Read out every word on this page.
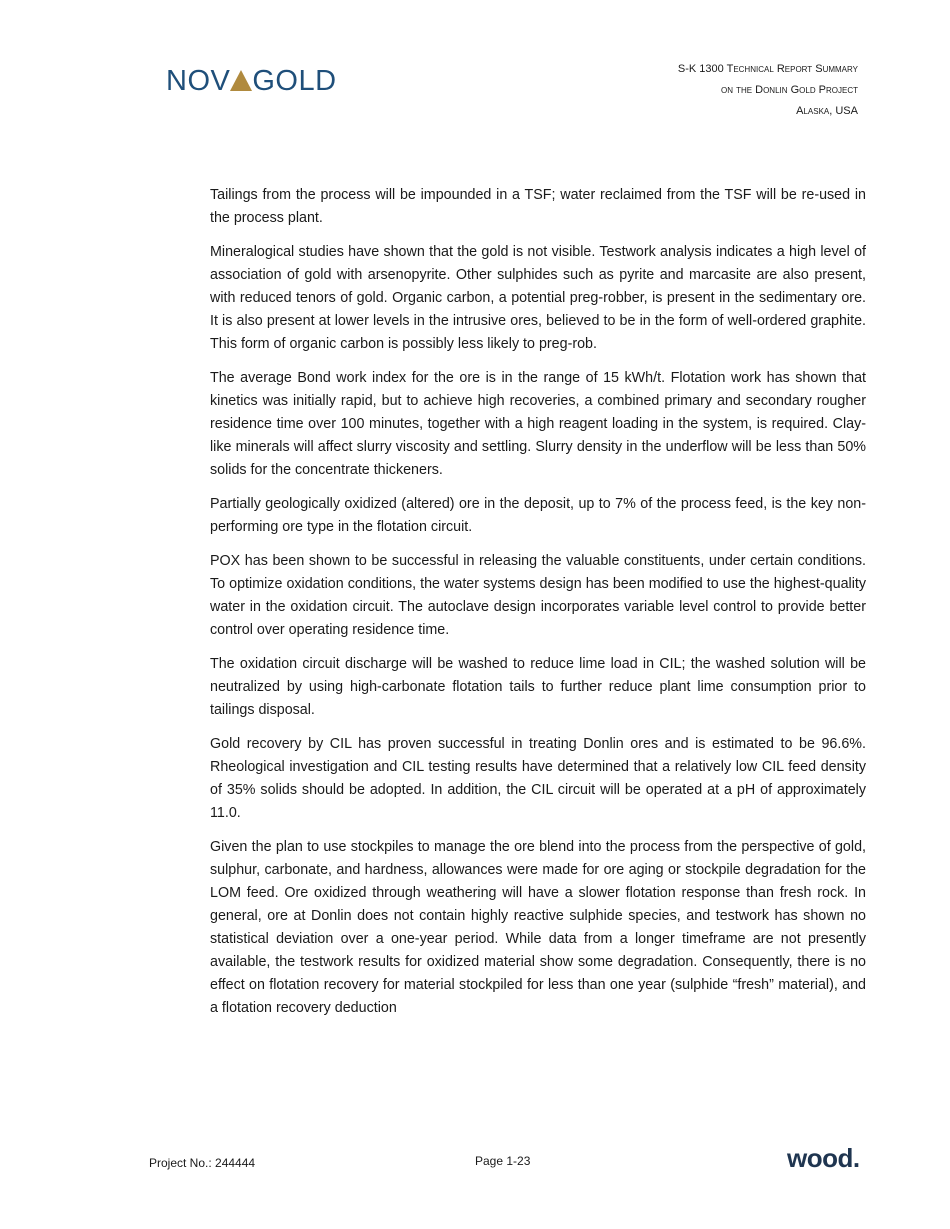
NOV GOLD	S-K 1300 Technical Report Summary
on the Donlin Gold Project
Alaska, USA

Tailings from the process will be impounded in a TSF; water reclaimed from the TSF will be re-used in the process plant.

Mineralogical studies have shown that the gold is not visible. Testwork analysis indicates a high level of association of gold with arsenopyrite. Other sulphides such as pyrite and marcasite are also present, with reduced tenors of gold. Organic carbon, a potential preg-robber, is present in the sedimentary ore. It is also present at lower levels in the intrusive ores, believed to be in the form of well-ordered graphite. This form of organic carbon is possibly less likely to preg-rob.

The average Bond work index for the ore is in the range of 15 kWh/t. Flotation work has shown that kinetics was initially rapid, but to achieve high recoveries, a combined primary and secondary rougher residence time over 100 minutes, together with a high reagent loading in the system, is required. Clay-like minerals will affect slurry viscosity and settling. Slurry density in the underflow will be less than 50% solids for the concentrate thickeners.

Partially geologically oxidized (altered) ore in the deposit, up to 7% of the process feed, is the key non-performing ore type in the flotation circuit.

POX has been shown to be successful in releasing the valuable constituents, under certain conditions. To optimize oxidation conditions, the water systems design has been modified to use the highest-quality water in the oxidation circuit. The autoclave design incorporates variable level control to provide better control over operating residence time.

The oxidation circuit discharge will be washed to reduce lime load in CIL; the washed solution will be neutralized by using high-carbonate flotation tails to further reduce plant lime consumption prior to tailings disposal.

Gold recovery by CIL has proven successful in treating Donlin ores and is estimated to be 96.6%. Rheological investigation and CIL testing results have determined that a relatively low CIL feed density of 35% solids should be adopted. In addition, the CIL circuit will be operated at a pH of approximately 11.0.

Given the plan to use stockpiles to manage the ore blend into the process from the perspective of gold, sulphur, carbonate, and hardness, allowances were made for ore aging or stockpile degradation for the LOM feed. Ore oxidized through weathering will have a slower flotation response than fresh rock. In general, ore at Donlin does not contain highly reactive sulphide species, and testwork has shown no statistical deviation over a one-year period. While data from a longer timeframe are not presently available, the testwork results for oxidized material show some degradation. Consequently, there is no effect on flotation recovery for material stockpiled for less than one year (sulphide “fresh” material), and a flotation recovery deduction

Project No.: 244444	Page 1-23	wood.
